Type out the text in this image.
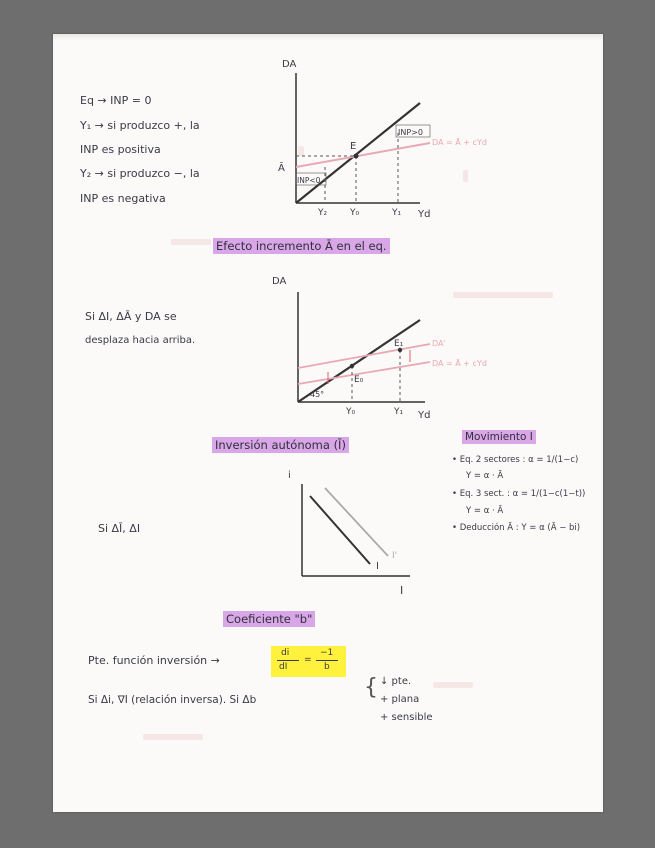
Eq → INP = 0
Y₁ → si produzco +, la
INP es positiva
Y₂ → si produzco −, la
INP es negativa
DA
E
Ā
INP>0
INP<0
DA = Ā + cYd
Y₂	Y₀	Y₁ Yd
Efecto incremento Ā en el eq.
Si ΔI, ΔĀ y DA se
desplaza hacia arriba.
DA
E₀
E₁
45°
DA'
DA = Ā + cYd
Y₀	Y₁ Yd
Inversión autónoma (Ī)
Movimiento I
• Eq. 2 sectores : α = 1/(1−c)
Y = α · Ā
• Eq. 3 sect. : α = 1/(1−c(1−t))
Y = α · Ā
• Deducción Ā : Y = α (Ā − bi)
i
I
I'
I
Si ΔĪ, ΔI
Coeficiente "b"
Pte. función inversión →
di
dI
=
−1
b
Si Δi, ∇I (relación inversa). Si Δb	{ ↓ pte.
+ plana
+ sensible
